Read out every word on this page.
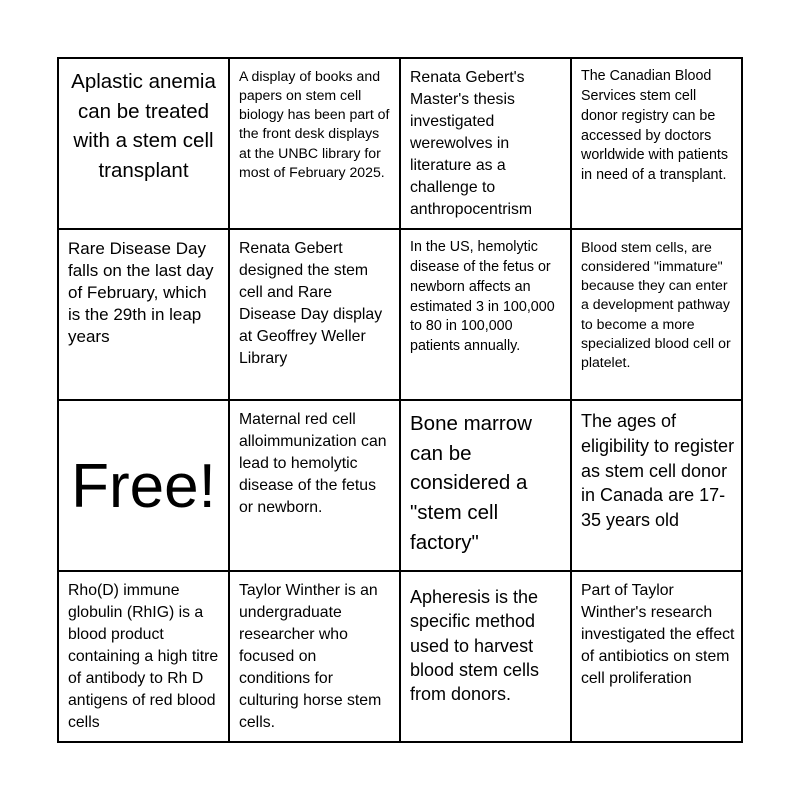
Aplastic anemia can be treated with a stem cell transplant
A display of books and papers on stem cell biology has been part of the front desk displays at the UNBC library for most of February 2025.
Renata Gebert's Master's thesis investigated werewolves in literature as a challenge to anthropocentrism
The Canadian Blood Services stem cell donor registry can be accessed by doctors worldwide with patients in need of a transplant.
Rare Disease Day falls on the last day of February, which is the 29th in leap years
Renata Gebert designed the stem cell and Rare Disease Day display at Geoffrey Weller Library
In the US, hemolytic disease of the fetus or newborn affects an estimated 3 in 100,000 to 80 in 100,000 patients annually.
Blood stem cells, are considered "immature" because they can enter a development pathway to become a more specialized blood cell or platelet.
Free!
Maternal red cell alloimmunization can lead to hemolytic disease of the fetus or newborn.
Bone marrow can be considered a "stem cell factory"
The ages of eligibility to register as stem cell donor in Canada are 17-35 years old
Rho(D) immune globulin (RhIG) is a blood product containing a high titre of antibody to Rh D antigens of red blood cells
Taylor Winther is an undergraduate researcher who focused on conditions for culturing horse stem cells.
Apheresis is the specific method used to harvest blood stem cells from donors.
Part of Taylor Winther's research investigated the effect of antibiotics on stem cell proliferation
